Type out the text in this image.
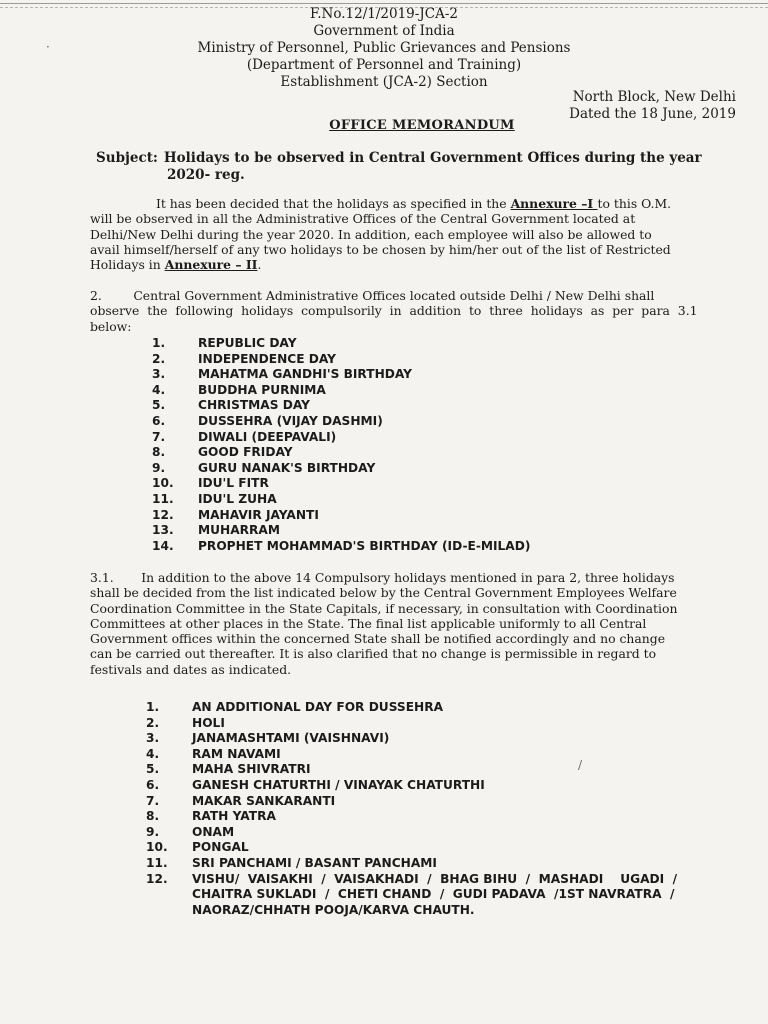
F.No.12/1/2019-JCA-2
Government of India
Ministry of Personnel, Public Grievances and Pensions
(Department of Personnel and Training)
Establishment (JCA-2) Section
North Block, New Delhi
Dated the 18 June, 2019
OFFICE MEMORANDUM
Subject: Holidays to be observed in Central Government Offices during the year
2020- reg.
It has been decided that the holidays as specified in the Annexure –I to this O.M.
will be observed in all the Administrative Offices of the Central Government located at
Delhi/New Delhi during the year 2020. In addition, each employee will also be allowed to
avail himself/herself of any two holidays to be chosen by him/her out of the list of Restricted
Holidays in Annexure – II.
2.        Central Government Administrative Offices located outside Delhi / New Delhi shall
observe  the  following  holidays  compulsorily  in  addition  to  three  holidays  as  per  para  3.1
below:
1.	REPUBLIC DAY
2.	INDEPENDENCE DAY
3.	MAHATMA GANDHI'S BIRTHDAY
4.	BUDDHA PURNIMA
5.	CHRISTMAS DAY
6.	DUSSEHRA (VIJAY DASHMI)
7.	DIWALI (DEEPAVALI)
8.	GOOD FRIDAY
9.	GURU NANAK'S BIRTHDAY
10. IDU'L FITR
11. IDU'L ZUHA
12. MAHAVIR JAYANTI
13. MUHARRAM
14. PROPHET MOHAMMAD'S BIRTHDAY (ID-E-MILAD)
3.1.       In addition to the above 14 Compulsory holidays mentioned in para 2, three holidays
shall be decided from the list indicated below by the Central Government Employees Welfare
Coordination Committee in the State Capitals, if necessary, in consultation with Coordination
Committees at other places in the State. The final list applicable uniformly to all Central
Government offices within the concerned State shall be notified accordingly and no change
can be carried out thereafter. It is also clarified that no change is permissible in regard to
festivals and dates as indicated.
1.	AN ADDITIONAL DAY FOR DUSSEHRA
2.	HOLI
3.	JANAMASHTAMI (VAISHNAVI)
4.	RAM NAVAMI
5.	MAHA SHIVRATRI
6.	GANESH CHATURTHI / VINAYAK CHATURTHI
7.	MAKAR SANKARANTI
8.	RATH YATRA
9.	ONAM
10. PONGAL
11. SRI PANCHAMI / BASANT PANCHAMI
12. VISHU/  VAISAKHI  /  VAISAKHADI  /  BHAG BIHU  /  MASHADI    UGADI  /
CHAITRA SUKLADI  /  CHETI CHAND  /  GUDI PADAVA  /1ST NAVRATRA  /
NAORAZ/CHHATH POOJA/KARVA CHAUTH.
·
/
